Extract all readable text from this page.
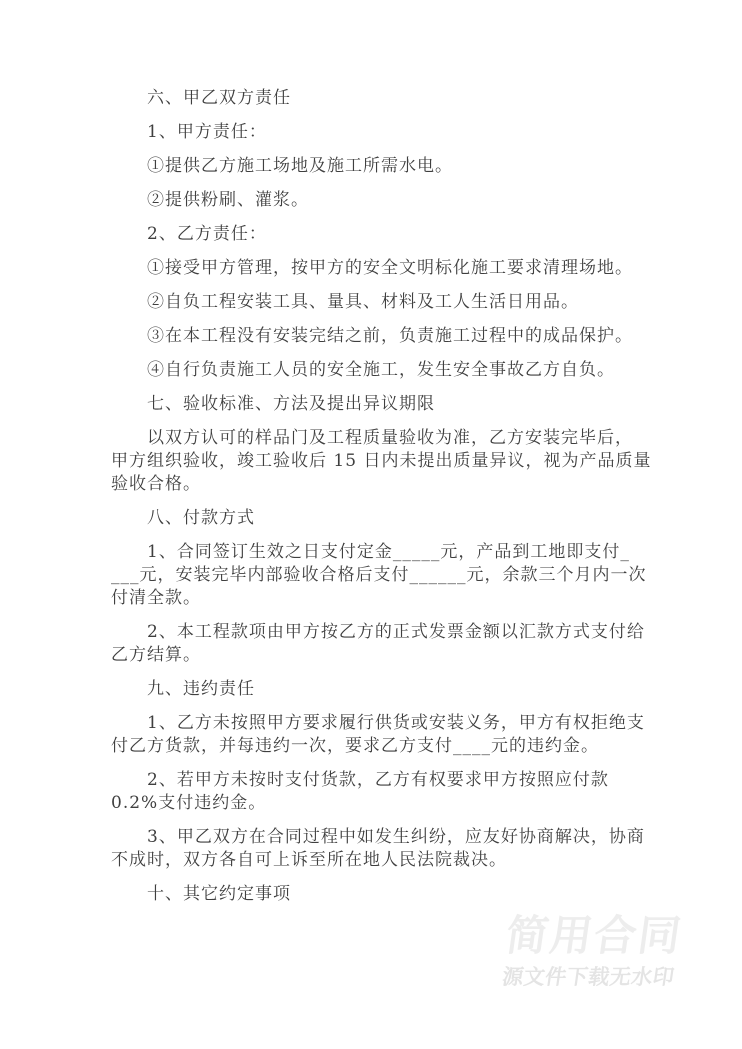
六、甲乙双方责任
1、甲方责任：
①提供乙方施工场地及施工所需水电。
②提供粉刷、灌浆。
2、乙方责任：
①接受甲方管理，按甲方的安全文明标化施工要求清理场地。
②自负工程安装工具、量具、材料及工人生活日用品。
③在本工程没有安装完结之前，负责施工过程中的成品保护。
④自行负责施工人员的安全施工，发生安全事故乙方自负。
七、验收标准、方法及提出异议期限
以双方认可的样品门及工程质量验收为准，乙方安装完毕后，
甲方组织验收，竣工验收后 15 日内未提出质量异议，视为产品质量
验收合格。
八、付款方式
1、合同签订生效之日支付定金_____元，产品到工地即支付_
___元，安装完毕内部验收合格后支付______元，余款三个月内一次
付清全款。
2、本工程款项由甲方按乙方的正式发票金额以汇款方式支付给
乙方结算。
九、违约责任
1、乙方未按照甲方要求履行供货或安装义务，甲方有权拒绝支
付乙方货款，并每违约一次，要求乙方支付____元的违约金。
2、若甲方未按时支付货款，乙方有权要求甲方按照应付款
0.2%支付违约金。
3、甲乙双方在合同过程中如发生纠纷，应友好协商解决，协商
不成时，双方各自可上诉至所在地人民法院裁决。
十、其它约定事项
简用合同
源文件下载无水印
